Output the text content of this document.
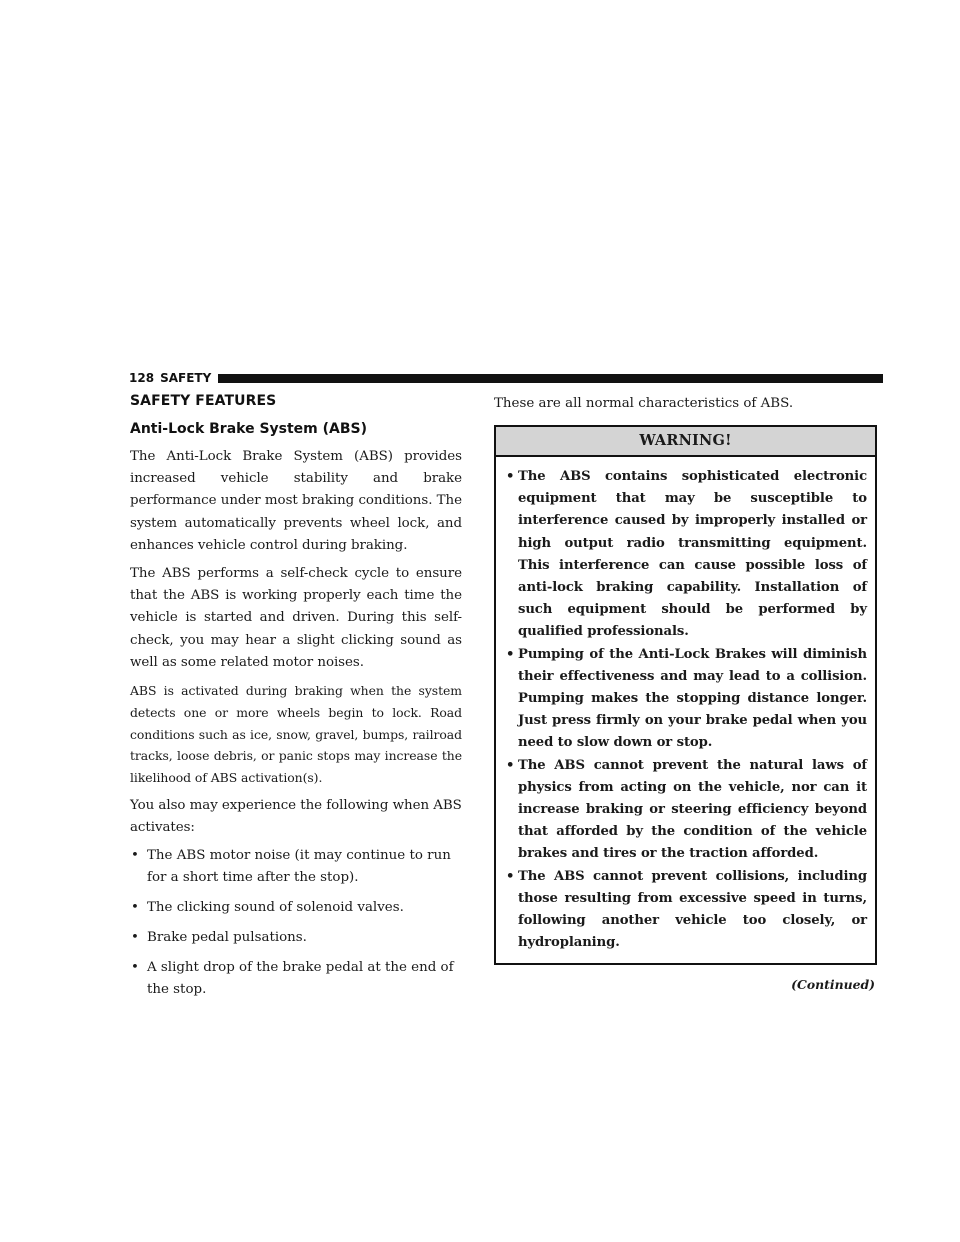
128 SAFETY
SAFETY FEATURES
Anti-Lock Brake System (ABS)

The Anti-Lock Brake System (ABS) provides increased vehicle stability and brake performance under most braking conditions. The system automatically prevents wheel lock, and enhances vehicle control during braking.

The ABS performs a self-check cycle to ensure that the ABS is working properly each time the vehicle is started and driven. During this self-check, you may hear a slight clicking sound as well as some related motor noises.

ABS is activated during braking when the system detects one or more wheels begin to lock. Road conditions such as ice, snow, gravel, bumps, railroad tracks, loose debris, or panic stops may increase the likelihood of ABS activation(s).

You also may experience the following when ABS activates:

• The ABS motor noise (it may continue to run for a short time after the stop).
• The clicking sound of solenoid valves.
• Brake pedal pulsations.
• A slight drop of the brake pedal at the end of the stop.

These are all normal characteristics of ABS.

WARNING!
• The ABS contains sophisticated electronic equipment that may be susceptible to interference caused by improperly installed or high output radio transmitting equipment. This interference can cause possible loss of anti-lock braking capability. Installation of such equipment should be performed by qualified professionals.
• Pumping of the Anti-Lock Brakes will diminish their effectiveness and may lead to a collision. Pumping makes the stopping distance longer. Just press firmly on your brake pedal when you need to slow down or stop.
• The ABS cannot prevent the natural laws of physics from acting on the vehicle, nor can it increase braking or steering efficiency beyond that afforded by the condition of the vehicle brakes and tires or the traction afforded.
• The ABS cannot prevent collisions, including those resulting from excessive speed in turns, following another vehicle too closely, or hydroplaning.
(Continued)
